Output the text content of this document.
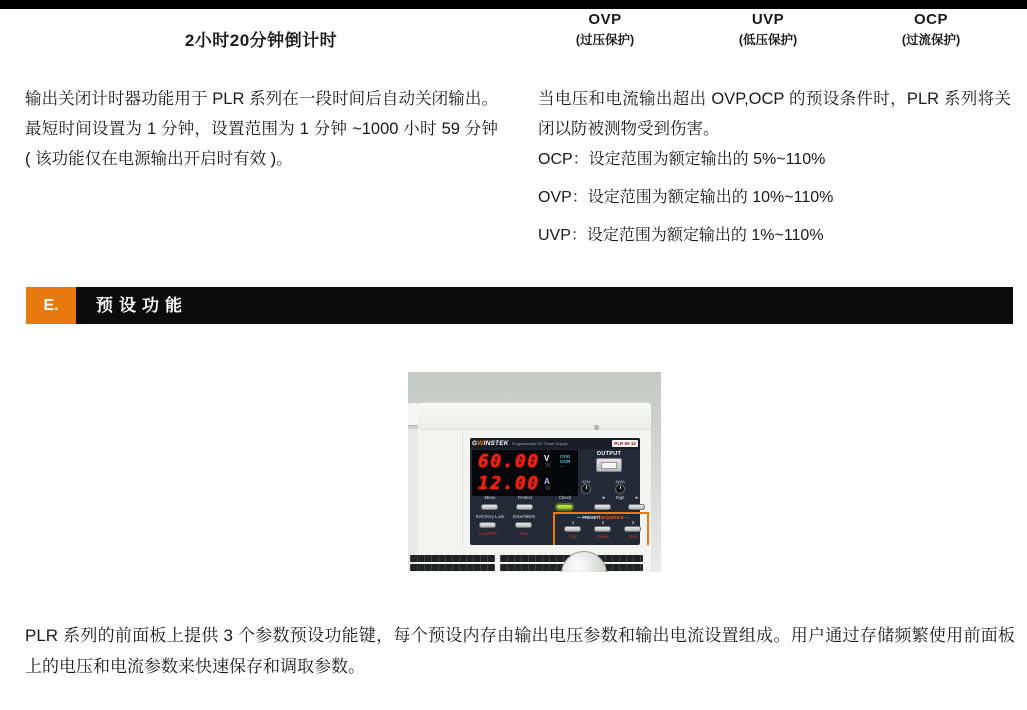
2小时20分钟倒计时
OVP
(过压保护)
UVP
(低压保护)
OCP
(过流保护)
输出关闭计时器功能用于 PLR 系列在一段时间后自动关闭输出。最短时间设置为 1 分钟，设置范围为 1 分钟 ~1000 小时 59 分钟 ( 该功能仅在电源输出开启时有效 )。
当电压和电流输出超出 OVP,OCP 的预设条件时，PLR 系列将关闭以防被测物受到伤害。
OCP：设定范围为额定输出的 5%~110%
OVP：设定范围为额定输出的 10%~110%
UVP：设定范围为额定输出的 1%~110%
E.	预设功能
GWINSTEK Programmable DC Power Supply	PLR 60-12
60.00 V
W
12.00 A
W
CV/G
CC/R
—
OUTPUT
V(%)	A(W)
Menu	Protect	Check	◄	Digit	►
ESC/Key Lock Enter/MEM
Lock/PRT	Step
— PRESET/SEQUENCE —
1	2	3
Stop	Pause	Start
PLR 系列的前面板上提供 3 个参数预设功能键，每个预设内存由输出电压参数和输出电流设置组成。用户通过存储频繁使用前面板上的电压和电流参数来快速保存和调取参数。
